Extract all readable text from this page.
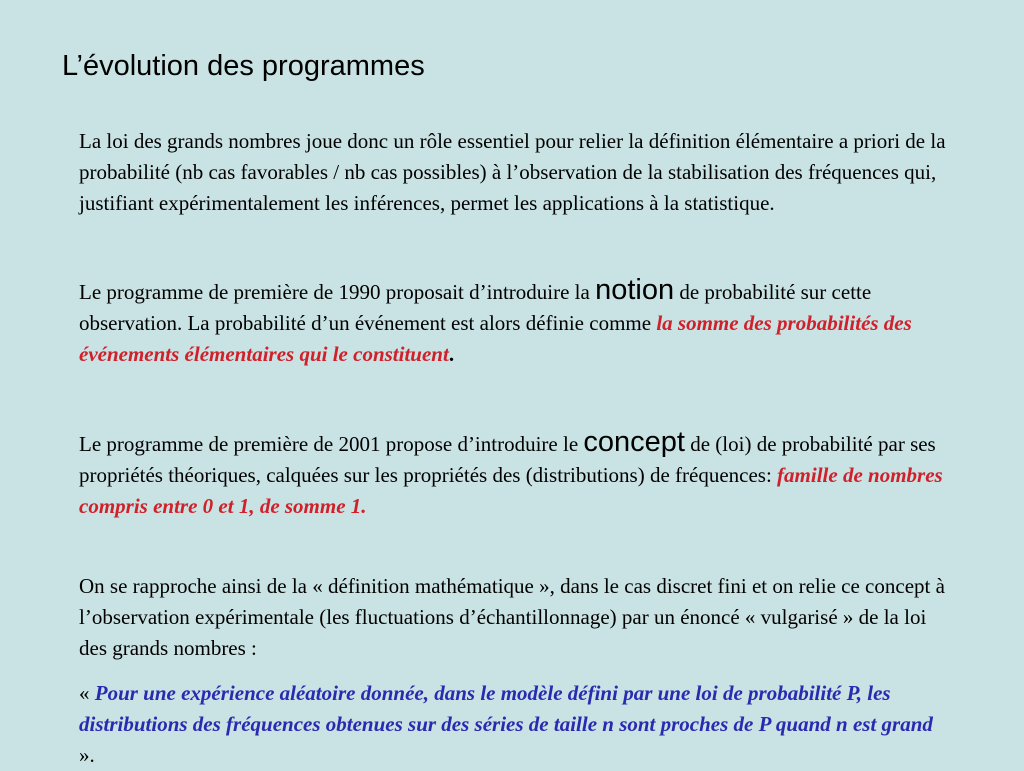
L’évolution des programmes

La loi des grands nombres joue donc un rôle essentiel pour relier la définition élémentaire a priori de la probabilité (nb cas favorables / nb cas possibles) à l’observation de la stabilisation des fréquences qui, justifiant expérimentalement les inférences, permet les applications à la statistique.

Le programme de première de 1990 proposait d’introduire la notion de probabilité sur cette observation. La probabilité d’un événement est alors définie comme la somme des probabilités des événements élémentaires qui le constituent.

Le programme de première de 2001 propose d’introduire le concept de (loi) de probabilité par ses propriétés théoriques, calquées sur les propriétés des (distributions) de fréquences: famille de nombres compris entre 0 et 1, de somme 1.

On se rapproche ainsi de la « définition mathématique », dans le cas discret fini et on relie ce concept à l’observation expérimentale (les fluctuations d’échantillonnage) par un énoncé « vulgarisé » de la loi des grands nombres :

« Pour une expérience aléatoire donnée, dans le modèle défini par une loi de probabilité P, les distributions des fréquences obtenues sur des séries de taille n sont proches de P quand n est grand ».
